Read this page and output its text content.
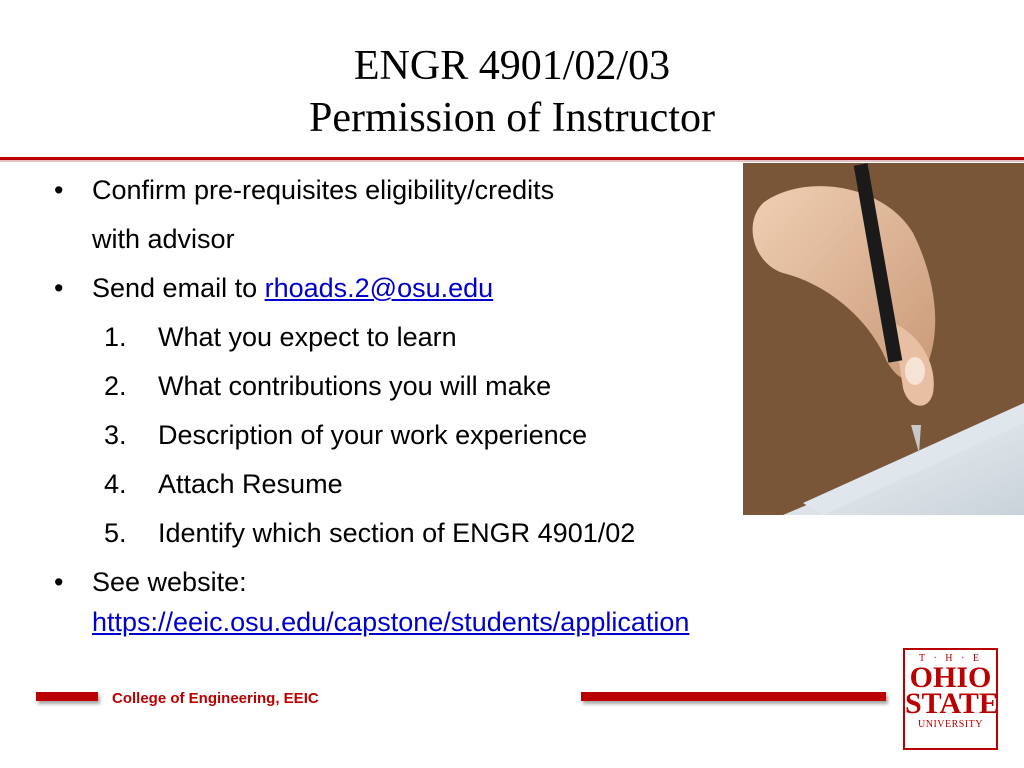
ENGR 4901/02/03
Permission of Instructor
• Confirm pre-requisites eligibility/credits
with advisor
• Send email to rhoads.2@osu.edu
1. What you expect to learn
2. What contributions you will make
3. Description of your work experience
4. Attach Resume
5. Identify which section of ENGR 4901/02
• See website:
https://eeic.osu.edu/capstone/students/application
College of Engineering, EEIC
T · H · E
OHIO
STATE
UNIVERSITY
